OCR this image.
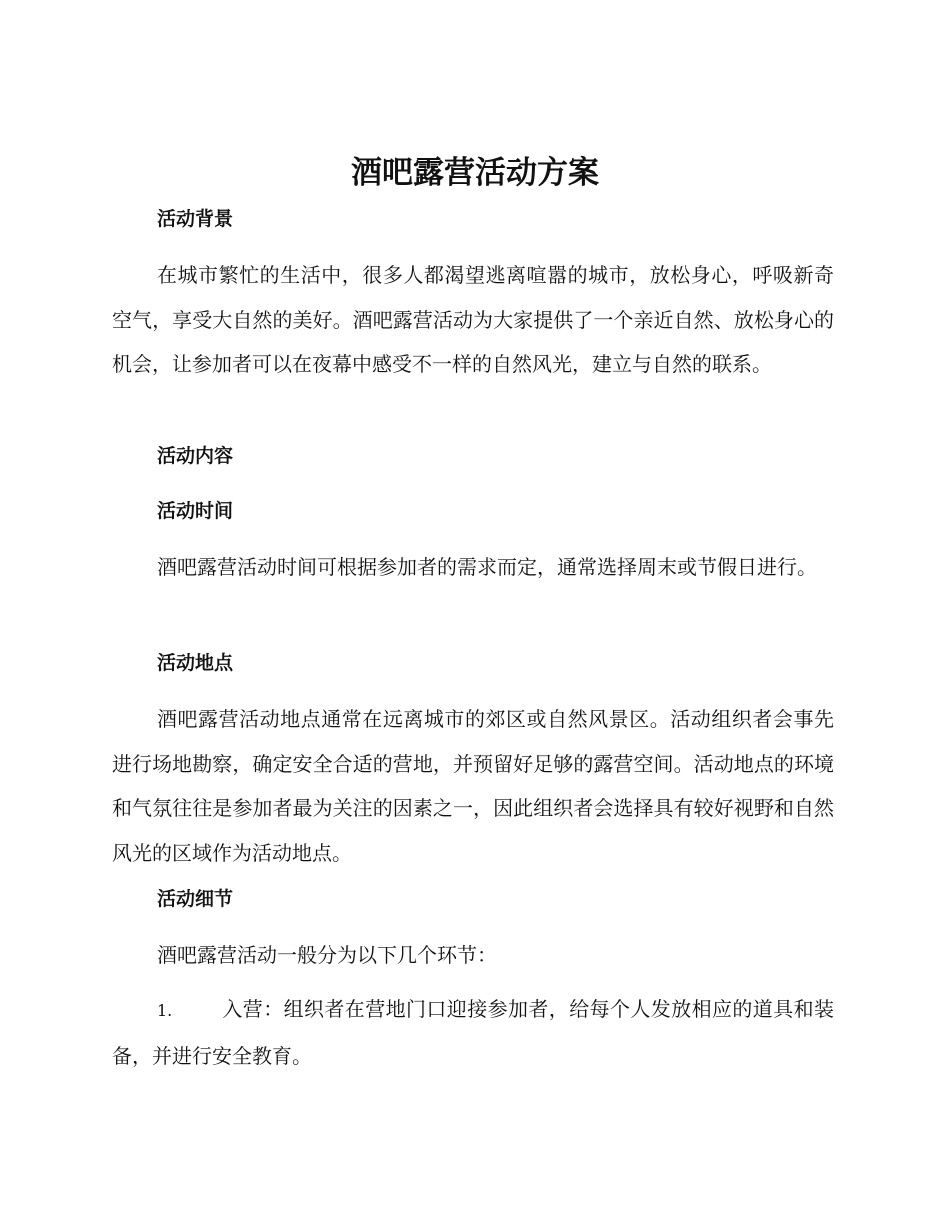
酒吧露营活动方案
活动背景

在城市繁忙的生活中，很多人都渴望逃离喧嚣的城市，放松身心，呼吸新奇空气，享受大自然的美好。酒吧露营活动为大家提供了一个亲近自然、放松身心的机会，让参加者可以在夜幕中感受不一样的自然风光，建立与自然的联系。

活动内容
活动时间

酒吧露营活动时间可根据参加者的需求而定，通常选择周末或节假日进行。

活动地点

酒吧露营活动地点通常在远离城市的郊区或自然风景区。活动组织者会事先进行场地勘察，确定安全合适的营地，并预留好足够的露营空间。活动地点的环境和气氛往往是参加者最为关注的因素之一，因此组织者会选择具有较好视野和自然风光的区域作为活动地点。

活动细节

酒吧露营活动一般分为以下几个环节：

1. 入营：组织者在营地门口迎接参加者，给每个人发放相应的道具和装备，并进行安全教育。
